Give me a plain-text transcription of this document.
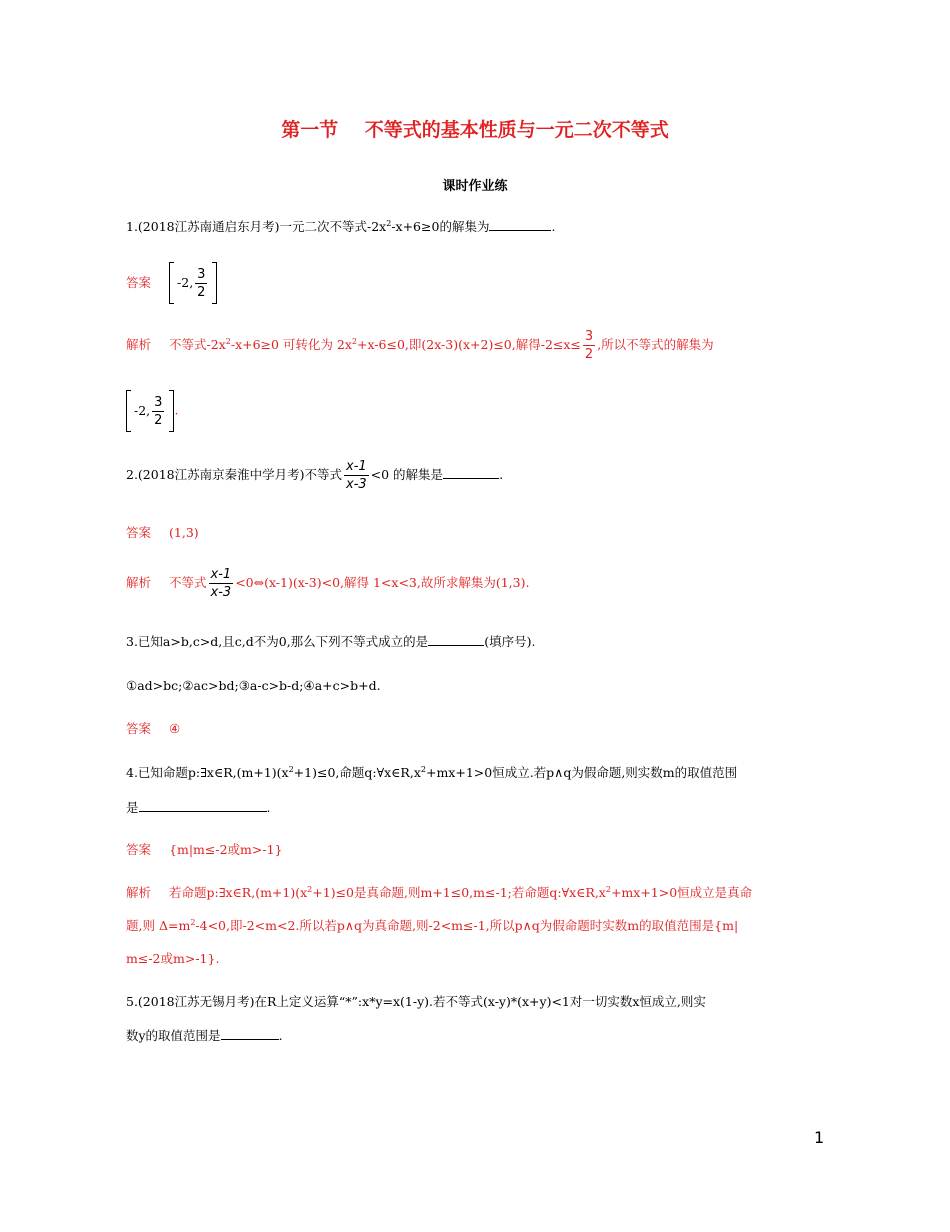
第一节    不等式的基本性质与一元二次不等式
课时作业练
1.(2018江苏南通启东月考)一元二次不等式$-2x^2-x+6\ge 0$的解集为	.
答案 -2, $\frac{3}{2}$
解析 不等式$-2x^2-x+6\ge 0$ 可转化为 $2x^2+x-6\le 0$,即(2x-3)(x+2)≤0,解得$-2\le x\le \frac{3}{2}$ ,所以不等式的解集为
-2, $\frac{3}{2}$ .
2.(2018江苏南京秦淮中学月考)不等式 $\frac{x-1}{x-3} <0$ 的解集是	.
答案 (1,3)
解析 不等式 $\frac{x-1}{x-3}$ <0⇔(x-1)(x-3)<0,解得 1<x<3,故所求解集为(1,3).
3.已知a>b,c>d,且c,d不为0,那么下列不等式成立的是	(填序号).
①ad>bc;②ac>bd;③a-c>b-d;④a+c>b+d.
答案 ④
4.已知命题$p:\exists x\in R,(m+1)(x^2+1)\le 0$,命题$q:\forall x\in R,x^2+mx+1>0$恒成立.若p∧q为假命题,则实数m的取值范围
是	.
答案 {m|m≤-2或m>-1}
解析 若命题$p:\exists x\in R,(m+1)(x^2+1)\le 0$是真命题,则m+1≤0,m≤-1;若命题$q:\forall x\in R,x^2+mx+1>0$恒成立是真命
题,则 $\Delta=m^2-4<0$,即-2<m<2.所以若p∧q为真命题,则-2<m≤-1,所以p∧q为假命题时实数m的取值范围是{m|
m≤-2或m>-1}.
5.(2018江苏无锡月考)在R上定义运算“*”:x*y=x(1-y).若不等式(x-y)*(x+y)<1对一切实数x恒成立,则实
数y的取值范围是	.
1
